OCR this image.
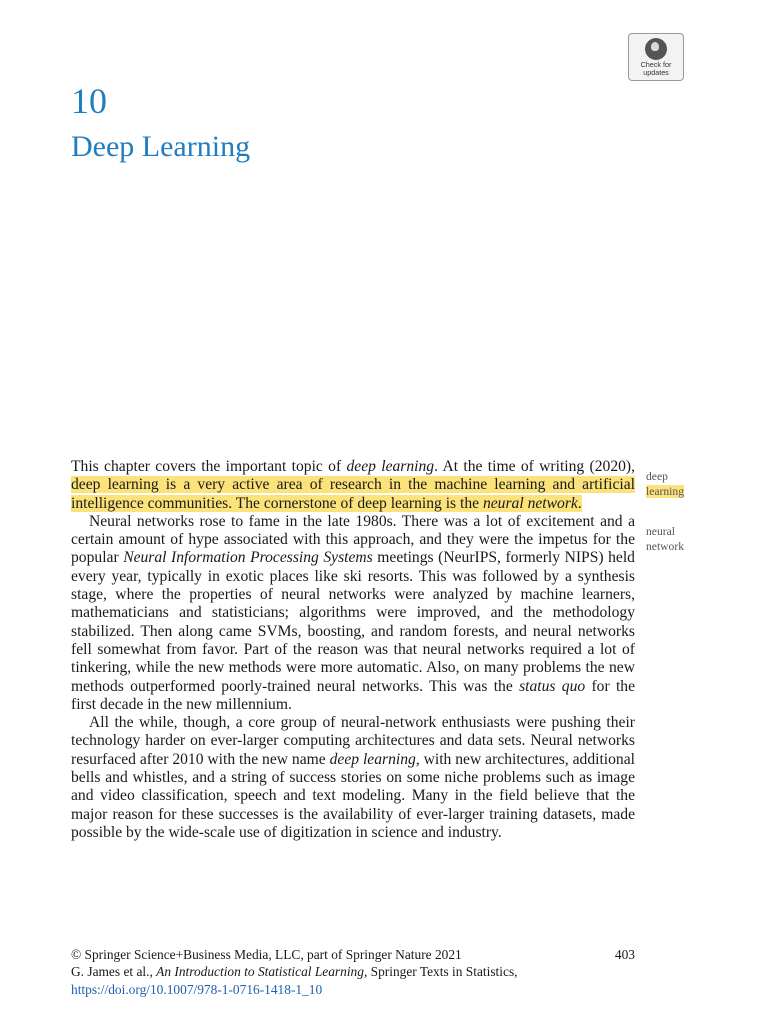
Check for
updates
10
Deep Learning

This chapter covers the important topic of deep learning. At the time of writing (2020), deep learning is a very active area of research in the machine learning and artificial intelligence communities. The cornerstone of deep learning is the neural network.

Neural networks rose to fame in the late 1980s. There was a lot of excitement and a certain amount of hype associated with this approach, and they were the impetus for the popular Neural Information Processing Systems meetings (NeurIPS, formerly NIPS) held every year, typically in exotic places like ski resorts. This was followed by a synthesis stage, where the properties of neural networks were analyzed by machine learners, mathematicians and statisticians; algorithms were improved, and the methodology stabilized. Then along came SVMs, boosting, and random forests, and neural networks fell somewhat from favor. Part of the reason was that neural networks required a lot of tinkering, while the new methods were more automatic. Also, on many problems the new methods outperformed poorly-trained neural networks. This was the status quo for the first decade in the new millennium.

All the while, though, a core group of neural-network enthusiasts were pushing their technology harder on ever-larger computing architectures and data sets. Neural networks resurfaced after 2010 with the new name deep learning, with new architectures, additional bells and whistles, and a string of success stories on some niche problems such as image and video classification, speech and text modeling. Many in the field believe that the major reason for these successes is the availability of ever-larger training datasets, made possible by the wide-scale use of digitization in science and industry.

deep
learning
neural
network
© Springer Science+Business Media, LLC, part of Springer Nature 2021	403
G. James et al., An Introduction to Statistical Learning, Springer Texts in Statistics,
https://doi.org/10.1007/978-1-0716-1418-1_10
